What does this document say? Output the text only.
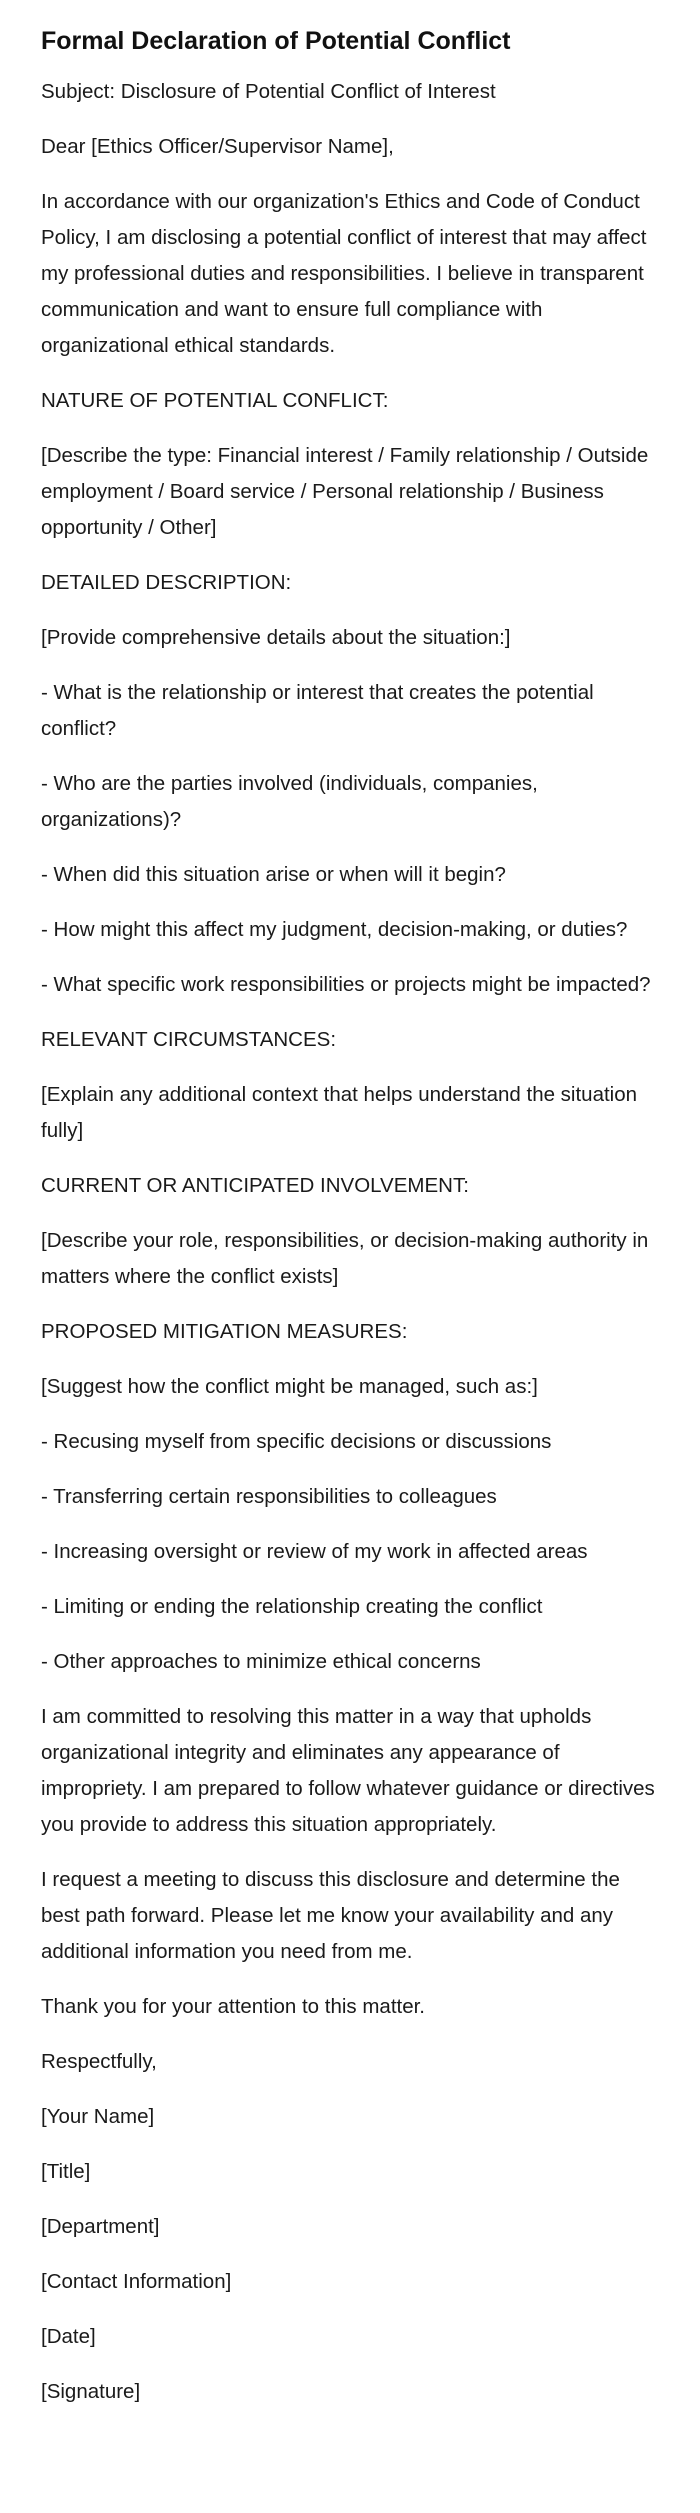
Formal Declaration of Potential Conflict

Subject: Disclosure of Potential Conflict of Interest

Dear [Ethics Officer/Supervisor Name],

In accordance with our organization's Ethics and Code of Conduct Policy, I am disclosing a potential conflict of interest that may affect my professional duties and responsibilities. I believe in transparent communication and want to ensure full compliance with organizational ethical standards.

NATURE OF POTENTIAL CONFLICT:

[Describe the type: Financial interest / Family relationship / Outside employment / Board service / Personal relationship / Business opportunity / Other]

DETAILED DESCRIPTION:

[Provide comprehensive details about the situation:]

- What is the relationship or interest that creates the potential conflict?

- Who are the parties involved (individuals, companies, organizations)?

- When did this situation arise or when will it begin?

- How might this affect my judgment, decision-making, or duties?

- What specific work responsibilities or projects might be impacted?

RELEVANT CIRCUMSTANCES:

[Explain any additional context that helps understand the situation fully]

CURRENT OR ANTICIPATED INVOLVEMENT:

[Describe your role, responsibilities, or decision-making authority in matters where the conflict exists]

PROPOSED MITIGATION MEASURES:

[Suggest how the conflict might be managed, such as:]

- Recusing myself from specific decisions or discussions

- Transferring certain responsibilities to colleagues

- Increasing oversight or review of my work in affected areas

- Limiting or ending the relationship creating the conflict

- Other approaches to minimize ethical concerns

I am committed to resolving this matter in a way that upholds organizational integrity and eliminates any appearance of impropriety. I am prepared to follow whatever guidance or directives you provide to address this situation appropriately.

I request a meeting to discuss this disclosure and determine the best path forward. Please let me know your availability and any additional information you need from me.

Thank you for your attention to this matter.

Respectfully,

[Your Name]

[Title]

[Department]

[Contact Information]

[Date]

[Signature]
